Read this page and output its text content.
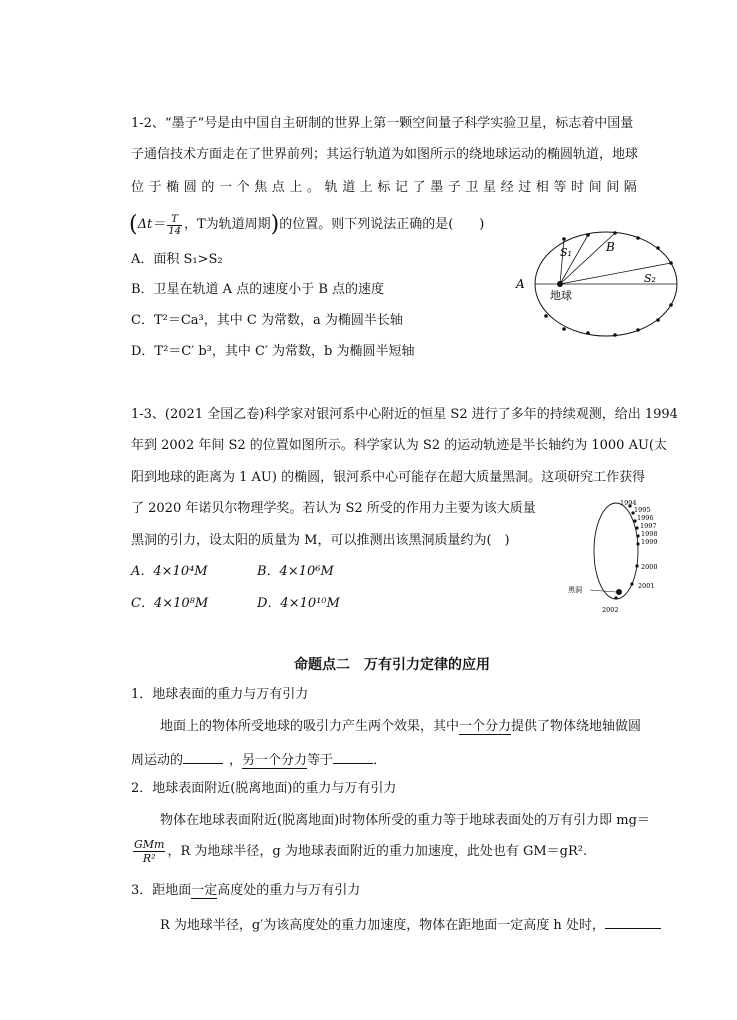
1-2、“墨子”号是由中国自主研制的世界上第一颗空间量子科学实验卫星，标志着中国量
子通信技术方面走在了世界前列；其运行轨道为如图所示的绕地球运动的椭圆轨道，地球
位于椭圆的一个焦点上。轨道上标记了墨子卫星经过相等时间间隔
( $\Delta t= \frac{T}{14}$ ，T为轨道周期 ) 的位置。则下列说法正确的是(　　)
A．面积 S₁>S₂
B．卫星在轨道 A 点的速度小于 B 点的速度
C．T²＝Ca³，其中 C 为常数，a 为椭圆半长轴
D．T²＝C′ b³，其中 C′ 为常数，b 为椭圆半短轴
A
B
S₁
S₂
地球
1-3、(2021 全国乙卷)科学家对银河系中心附近的恒星 S2 进行了多年的持续观测，给出 1994
年到 2002 年间 S2 的位置如图所示。科学家认为 S2 的运动轨迹是半长轴约为 1000 AU(太
阳到地球的距离为 1 AU) 的椭圆，银河系中心可能存在超大质量黑洞。这项研究工作获得
了 2020 年诺贝尔物理学奖。若认为 S2 所受的作用力主要为该大质量
黑洞的引力，设太阳的质量为 M，可以推测出该黑洞质量约为(　)
A．4×10⁴M	B．4×10⁶M
C．4×10⁸M	D．4×10¹⁰M
黑洞
1994
1995
1996
1997
1998
1999
2000
2001
2002
命题点二　万有引力定律的应用
1．地球表面的重力与万有引力
地面上的物体所受地球的吸引力产生两个效果，其中一个分力提供了物体绕地轴做圆
周运动的	，另一个分力等于	．
2．地球表面附近(脱离地面)的重力与万有引力
物体在地球表面附近(脱离地面)时物体所受的重力等于地球表面处的万有引力即 mg＝
$\frac{\text{GMm}}{\text{R²}}$ ，R 为地球半径，g 为地球表面附近的重力加速度，此处也有 GM＝gR².
3．距地面一定高度处的重力与万有引力
R 为地球半径，g′为该高度处的重力加速度，物体在距地面一定高度 h 处时，
